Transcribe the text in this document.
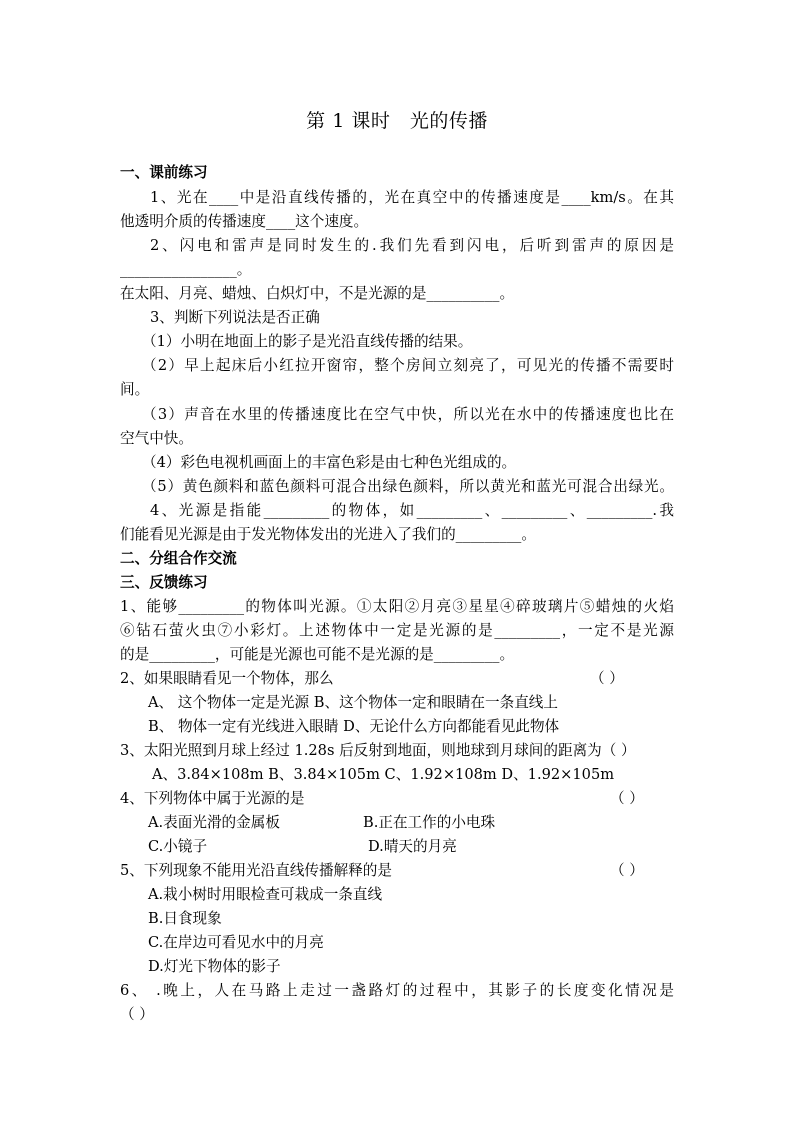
第 1 课时　光的传播
一、课前练习
1、光在____中是沿直线传播的，光在真空中的传播速度是____km/s。在其
他透明介质的传播速度____这个速度。
2、闪电和雷声是同时发生的.我们先看到闪电，后听到雷声的原因是
________________。
在太阳、月亮、蜡烛、白炽灯中，不是光源的是__________。
3、判断下列说法是否正确
（1）小明在地面上的影子是光沿直线传播的结果。
（2）早上起床后小红拉开窗帘，整个房间立刻亮了，可见光的传播不需要时
间。
（3）声音在水里的传播速度比在空气中快，所以光在水中的传播速度也比在
空气中快。
（4）彩色电视机画面上的丰富色彩是由七种色光组成的。
（5）黄色颜料和蓝色颜料可混合出绿色颜料，所以黄光和蓝光可混合出绿光。
4、光源是指能_________的物体，如_________、_________、_________.我
们能看见光源是由于发光物体发出的光进入了我们的_________。
二、分组合作交流
三、反馈练习
1、能够_________的物体叫光源。①太阳②月亮③星星④碎玻璃片⑤蜡烛的火焰
⑥钻石萤火虫⑦小彩灯。上述物体中一定是光源的是_________，一定不是光源
的是_________，可能是光源也可能不是光源的是_________。
2、如果眼睛看见一个物体，那么	（ ）
A、 这个物体一定是光源 B、这个物体一定和眼睛在一条直线上
B、 物体一定有光线进入眼睛 D、无论什么方向都能看见此物体
3、太阳光照到月球上经过 1.28s 后反射到地面，则地球到月球间的距离为（ ）
A、3.84×108m B、3.84×105m C、1.92×108m D、1.92×105m
4、下列物体中属于光源的是	（ ）
A.表面光滑的金属板	B.正在工作的小电珠
C.小镜子	D.晴天的月亮
5、下列现象不能用光沿直线传播解释的是	（ ）
A.栽小树时用眼检查可栽成一条直线
B.日食现象
C.在岸边可看见水中的月亮
D.灯光下物体的影子
6、 .晚上，人在马路上走过一盏路灯的过程中，其影子的长度变化情况是
（ ）
